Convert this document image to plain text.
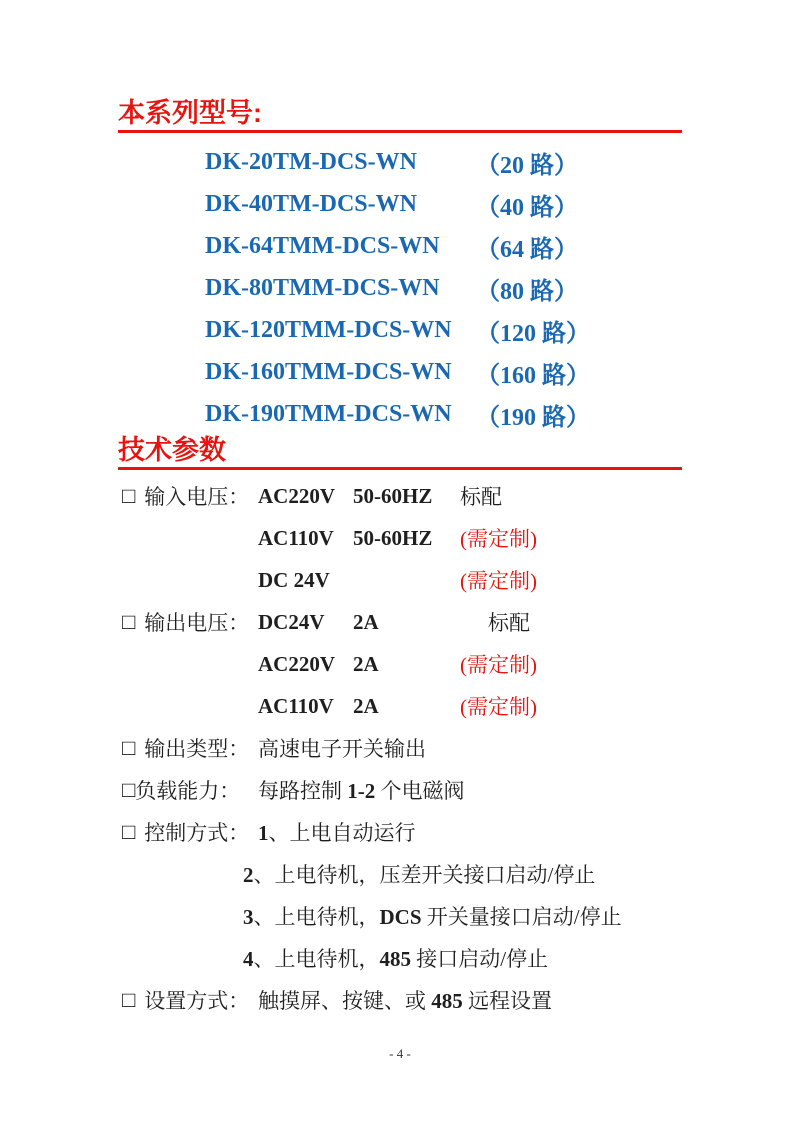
本系列型号:
DK-20TM-DCS-WN	（20 路）
DK-40TM-DCS-WN	（40 路）
DK-64TMM-DCS-WN	（64 路）
DK-80TMM-DCS-WN	（80 路）
DK-120TMM-DCS-WN	（120 路）
DK-160TMM-DCS-WN	（160 路）
DK-190TMM-DCS-WN	（190 路）
技术参数
□ 输入电压： AC220V 50-60HZ	标配
AC110V 50-60HZ	(需定制)
DC 24V	(需定制)
□ 输出电压： DC24V	2A	标配
AC220V 2A	(需定制)
AC110V 2A	(需定制)
□ 输出类型： 高速电子开关输出
□ 负载能力： 每路控制 1-2 个电磁阀
□ 控制方式： 1、上电自动运行
2、上电待机，压差开关接口启动/停止
3、上电待机，DCS 开关量接口启动/停止
4、上电待机，485 接口启动/停止
□ 设置方式： 触摸屏、按键、或 485 远程设置
- 4 -
